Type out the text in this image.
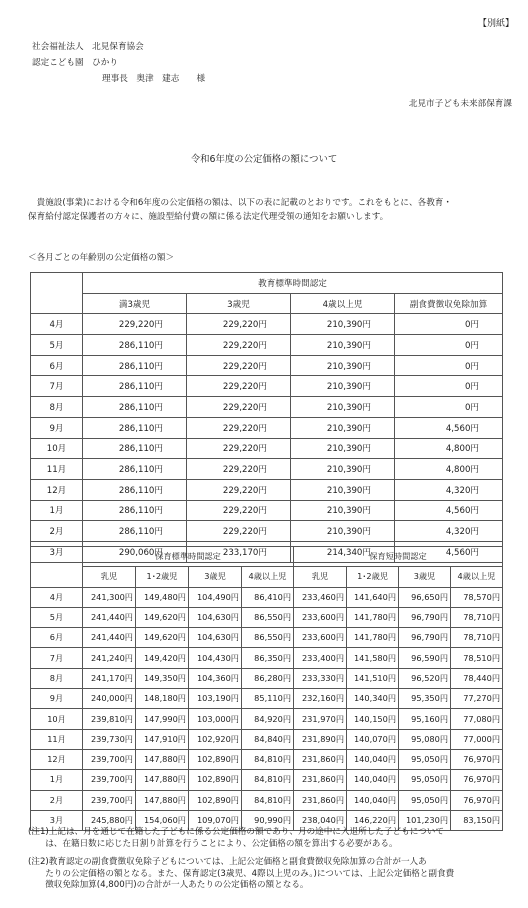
【別紙】
社会福祉法人　北見保育協会
認定こども園　ひかり
理事長　奥津　建志　　様
北見市子ども未来部保育課
令和6年度の公定価格の額について
　貴施設(事業)における令和6年度の公定価格の額は、以下の表に記載のとおりです。これをもとに、各教育・
保育給付認定保護者の方々に、施設型給付費の額に係る法定代理受領の通知をお願いします。
＜各月ごとの年齢別の公定価格の額＞
	教育標準時間認定			
	満3歳児	3歳児	4歳以上児	副食費徴収免除加算
4月	229,220円	229,220円	210,390円	0円
5月	286,110円	229,220円	210,390円	0円
6月	286,110円	229,220円	210,390円	0円
7月	286,110円	229,220円	210,390円	0円
8月	286,110円	229,220円	210,390円	0円
9月	286,110円	229,220円	210,390円	4,560円
10月	286,110円	229,220円	210,390円	4,800円
11月	286,110円	229,220円	210,390円	4,800円
12月	286,110円	229,220円	210,390円	4,320円
1月	286,110円	229,220円	210,390円	4,560円
2月	286,110円	229,220円	210,390円	4,320円
3月	290,060円	233,170円	214,340円	4,560円
	保育標準時間認定				保育短時間認定			
	乳児	1･2歳児	3歳児	4歳以上児	乳児	1･2歳児	3歳児	4歳以上児
4月	241,300円	149,480円	104,490円	86,410円	233,460円	141,640円	96,650円	78,570円
5月	241,440円	149,620円	104,630円	86,550円	233,600円	141,780円	96,790円	78,710円
6月	241,440円	149,620円	104,630円	86,550円	233,600円	141,780円	96,790円	78,710円
7月	241,240円	149,420円	104,430円	86,350円	233,400円	141,580円	96,590円	78,510円
8月	241,170円	149,350円	104,360円	86,280円	233,330円	141,510円	96,520円	78,440円
9月	240,000円	148,180円	103,190円	85,110円	232,160円	140,340円	95,350円	77,270円
10月	239,810円	147,990円	103,000円	84,920円	231,970円	140,150円	95,160円	77,080円
11月	239,730円	147,910円	102,920円	84,840円	231,890円	140,070円	95,080円	77,000円
12月	239,700円	147,880円	102,890円	84,810円	231,860円	140,040円	95,050円	76,970円
1月	239,700円	147,880円	102,890円	84,810円	231,860円	140,040円	95,050円	76,970円
2月	239,700円	147,880円	102,890円	84,810円	231,860円	140,040円	95,050円	76,970円
3月	245,880円	154,060円	109,070円	90,990円	238,040円	146,220円	101,230円	83,150円
(注1)上記は、月を通じて在籍した子どもに係る公定価格の額であり、月の途中に入退所した子どもについて
　　は、在籍日数に応じた日割り計算を行うことにより、公定価格の額を算出する必要がある。
(注2)教育認定の副食費徴収免除子どもについては、上記公定価格と副食費徴収免除加算の合計が一人あ
　　たりの公定価格の額となる。また、保育認定(3歳児、4際以上児のみ。)については、上記公定価格と副食費
　　徴収免除加算(4,800円)の合計が一人あたりの公定価格の額となる。
